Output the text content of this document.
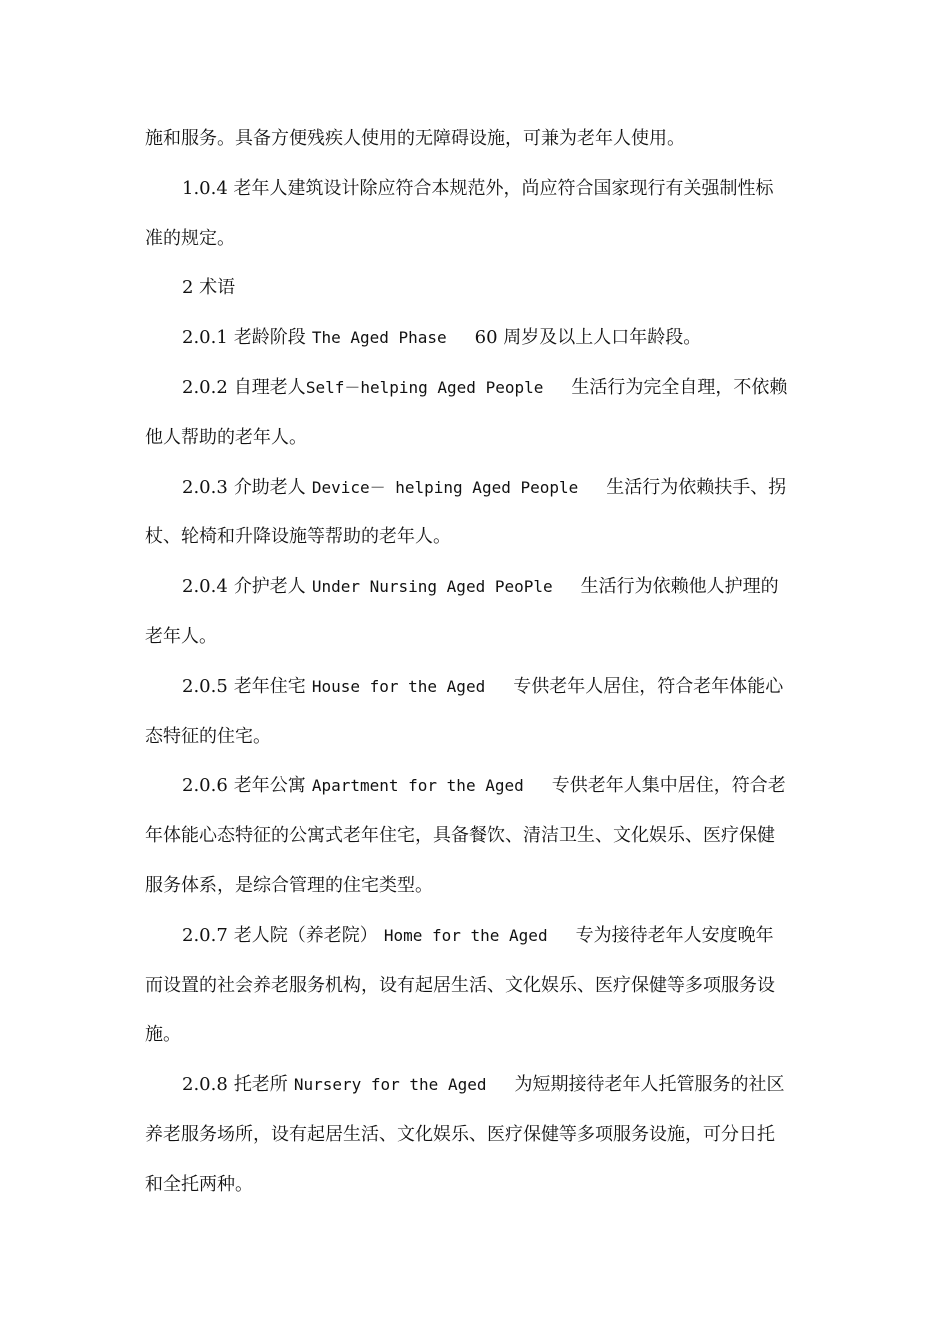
施和服务。具备方便残疾人使用的无障碍设施，可兼为老年人使用。
1.0.4 老年人建筑设计除应符合本规范外，尚应符合国家现行有关强制性标
准的规定。
2 术语
2.0.1 老龄阶段 The Aged Phase 60 周岁及以上人口年龄段。
2.0.2 自理老人Self－helping Aged People 生活行为完全自理，不依赖
他人帮助的老年人。
2.0.3 介助老人 Device－ helping Aged People 生活行为依赖扶手、拐
杖、轮椅和升降设施等帮助的老年人。
2.0.4 介护老人 Under Nursing Aged PeoPle 生活行为依赖他人护理的
老年人。
2.0.5 老年住宅 House for the Aged 专供老年人居住，符合老年体能心
态特征的住宅。
2.0.6 老年公寓 Apartment for the Aged 专供老年人集中居住，符合老
年体能心态特征的公寓式老年住宅，具备餐饮、清洁卫生、文化娱乐、医疗保健
服务体系，是综合管理的住宅类型。
2.0.7 老人院（养老院） Home for the Aged 专为接待老年人安度晚年
而设置的社会养老服务机构，设有起居生活、文化娱乐、医疗保健等多项服务设
施。
2.0.8 托老所 Nursery for the Aged 为短期接待老年人托管服务的社区
养老服务场所，设有起居生活、文化娱乐、医疗保健等多项服务设施，可分日托
和全托两种。
